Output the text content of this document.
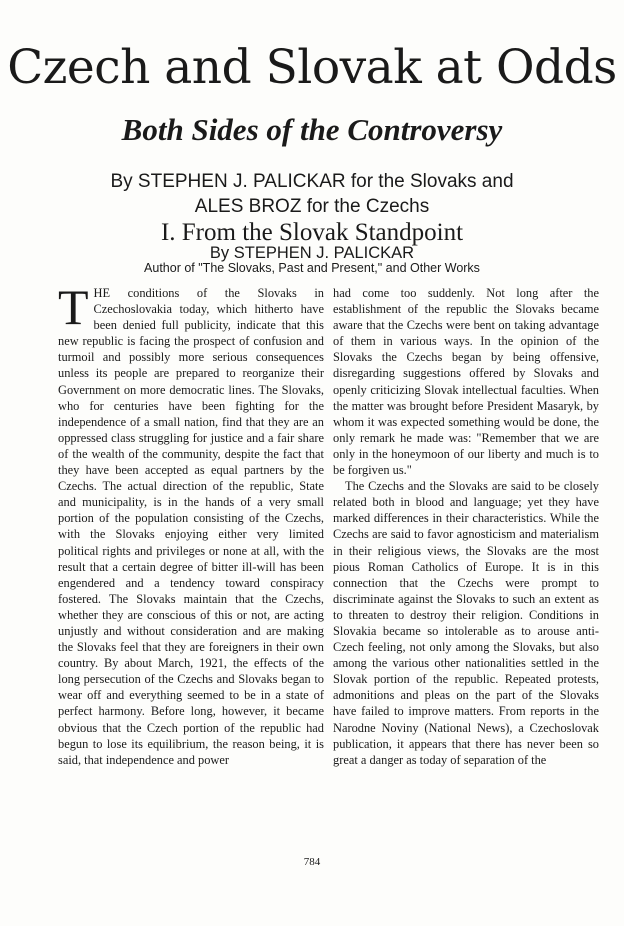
Czech and Slovak at Odds
Both Sides of the Controversy
By STEPHEN J. PALICKAR for the Slovaks and
ALES BROZ for the Czechs
I. From the Slovak Standpoint
By STEPHEN J. PALICKAR
Author of "The Slovaks, Past and Present," and Other Works

THE conditions of the Slovaks in Czechoslovakia today, which hitherto have been denied full publicity, indicate that this new republic is facing the prospect of confusion and turmoil and possibly more serious consequences unless its people are prepared to reorganize their Government on more democratic lines. The Slovaks, who for centuries have been fighting for the independence of a small nation, find that they are an oppressed class struggling for justice and a fair share of the wealth of the community, despite the fact that they have been accepted as equal partners by the Czechs. The actual direction of the republic, State and municipality, is in the hands of a very small portion of the population consisting of the Czechs, with the Slovaks enjoying either very limited political rights and privileges or none at all, with the result that a certain degree of bitter ill-will has been engendered and a tendency toward conspiracy fostered. The Slovaks maintain that the Czechs, whether they are conscious of this or not, are acting unjustly and without consideration and are making the Slovaks feel that they are foreigners in their own country. By about March, 1921, the effects of the long persecution of the Czechs and Slovaks began to wear off and everything seemed to be in a state of perfect harmony. Before long, however, it became obvious that the Czech portion of the republic had begun to lose its equilibrium, the reason being, it is said, that independence and power

had come too suddenly. Not long after the establishment of the republic the Slovaks became aware that the Czechs were bent on taking advantage of them in various ways. In the opinion of the Slovaks the Czechs began by being offensive, disregarding suggestions offered by Slovaks and openly criticizing Slovak intellectual faculties. When the matter was brought before President Masaryk, by whom it was expected something would be done, the only remark he made was: "Remember that we are only in the honeymoon of our liberty and much is to be forgiven us."

The Czechs and the Slovaks are said to be closely related both in blood and language; yet they have marked differences in their characteristics. While the Czechs are said to favor agnosticism and materialism in their religious views, the Slovaks are the most pious Roman Catholics of Europe. It is in this connection that the Czechs were prompt to discriminate against the Slovaks to such an extent as to threaten to destroy their religion. Conditions in Slovakia became so intolerable as to arouse anti-Czech feeling, not only among the Slovaks, but also among the various other nationalities settled in the Slovak portion of the republic. Repeated protests, admonitions and pleas on the part of the Slovaks have failed to improve matters. From reports in the Narodne Noviny (National News), a Czechoslovak publication, it appears that there has never been so great a danger as today of separation of the

784
